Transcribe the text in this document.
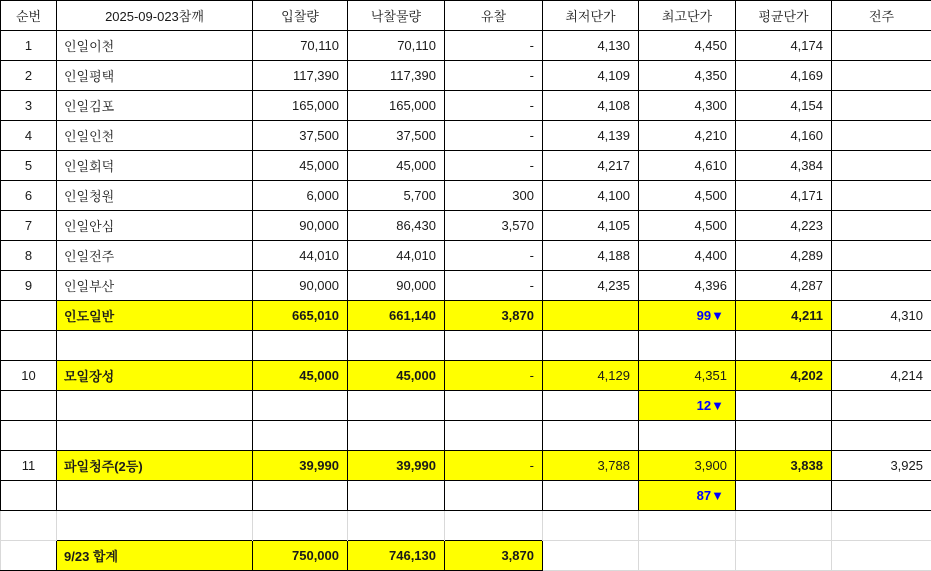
순번	2025-09-023참깨	입찰량	낙찰물량	유찰	최저단가	최고단가	평균단가	전주
1	인일이천	70,110	70,110	-	4,130	4,450	4,174	
2	인일평택	117,390	117,390	-	4,109	4,350	4,169	
3	인일김포	165,000	165,000	-	4,108	4,300	4,154	
4	인일인천	37,500	37,500	-	4,139	4,210	4,160	
5	인일회덕	45,000	45,000	-	4,217	4,610	4,384	
6	인일청원	6,000	5,700	300	4,100	4,500	4,171	
7	인일안심	90,000	86,430	3,570	4,105	4,500	4,223	
8	인일전주	44,010	44,010	-	4,188	4,400	4,289	
9	인일부산	90,000	90,000	-	4,235	4,396	4,287	
	인도일반	665,010	661,140	3,870		99▼	4,211	4,310

10	모일장성	45,000	45,000	-	4,129	4,351	4,202	4,214
						12▼		

11	파일청주(2등)	39,990	39,990	-	3,788	3,900	3,838	3,925
						87▼		

	9/23 합계	750,000	746,130	3,870				
